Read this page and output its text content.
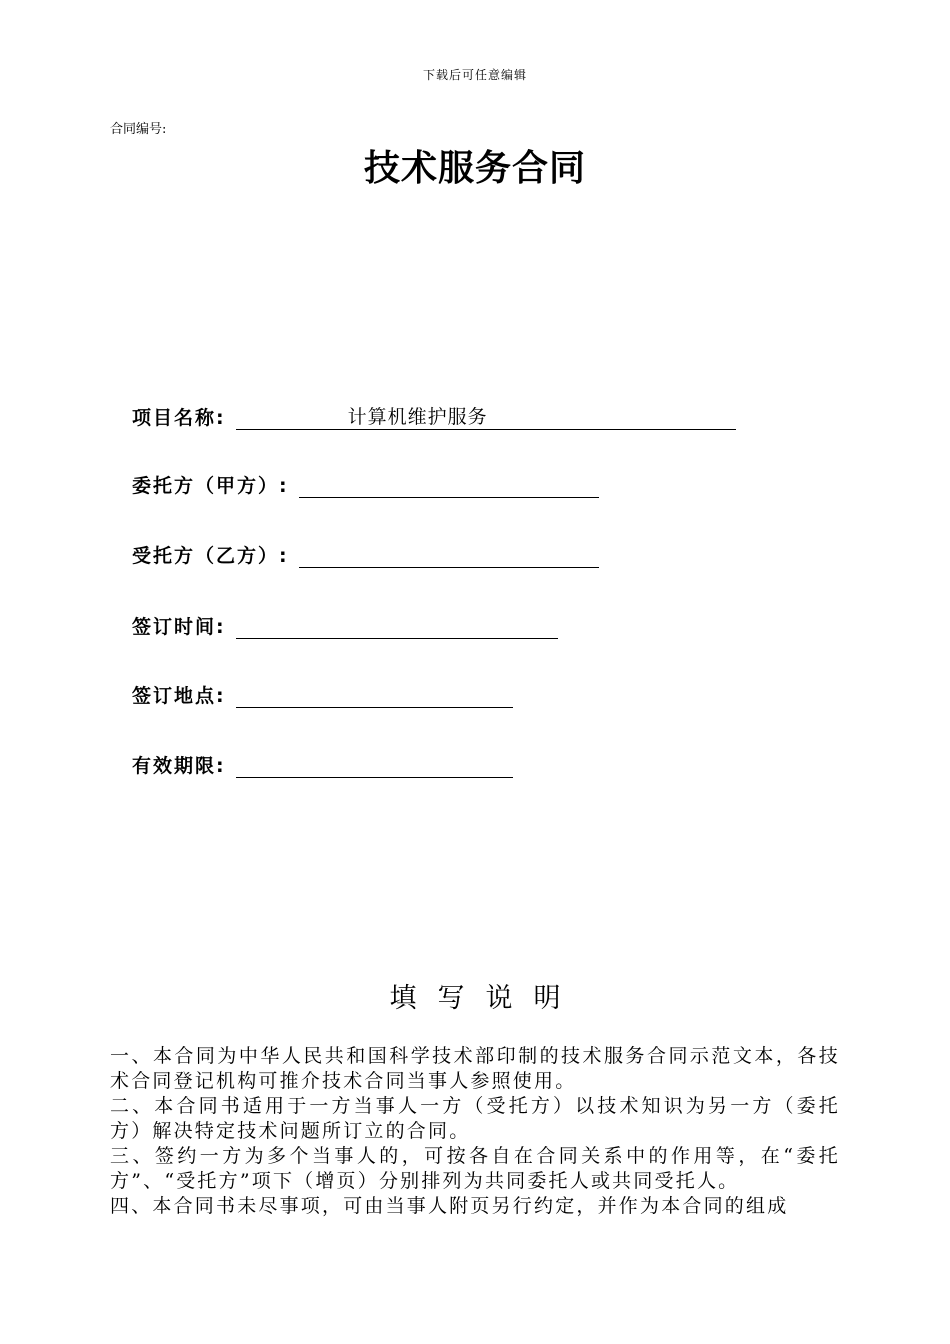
下载后可任意编辑
合同编号:
技术服务合同
项目名称:	计算机维护服务
委托方（甲方）:
受托方（乙方）:
签订时间:
签订地点:
有效期限:
填写说明

一、本合同为中华人民共和国科学技术部印制的技术服务合同示范文本，各技术合同登记机构可推介技术合同当事人参照使用。

二、本合同书适用于一方当事人一方（受托方）以技术知识为另一方（委托方）解决特定技术问题所订立的合同。

三、签约一方为多个当事人的，可按各自在合同关系中的作用等，在“委托方”、“受托方”项下（增页）分别排列为共同委托人或共同受托人。

四、本合同书未尽事项，可由当事人附页另行约定，并作为本合同的组成
